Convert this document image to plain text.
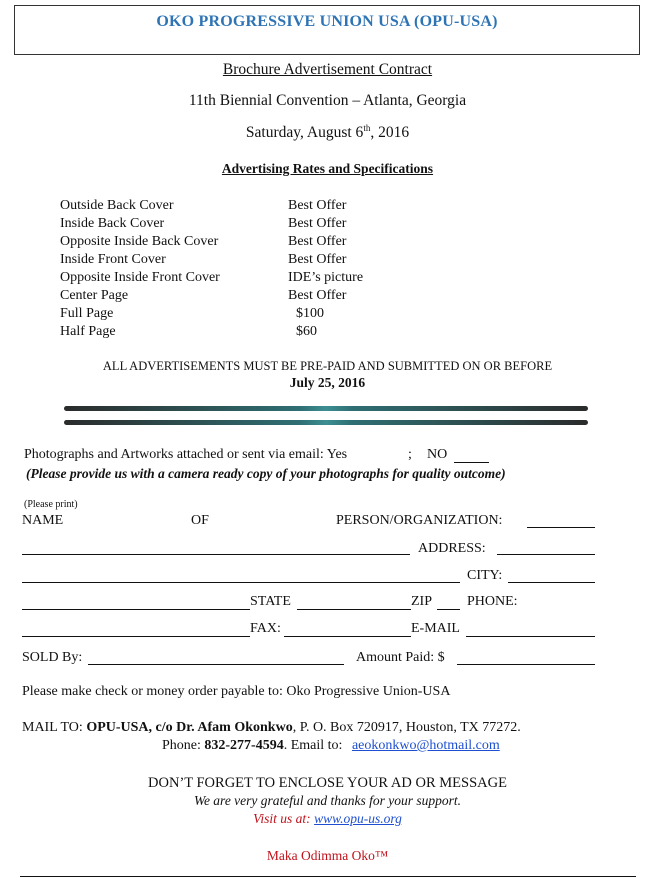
OKO PROGRESSIVE UNION USA (OPU-USA)
Brochure Advertisement Contract
11th Biennial Convention – Atlanta, Georgia
Saturday, August 6th, 2016
Advertising Rates and Specifications
Outside Back Cover	Best Offer
Inside Back Cover	Best Offer
Opposite Inside Back Cover	Best Offer
Inside Front Cover	Best Offer
Opposite Inside Front Cover	IDE’s picture
Center Page	Best Offer
Full Page	$100
Half Page	$60
ALL ADVERTISEMENTS MUST BE PRE-PAID AND SUBMITTED ON OR BEFORE
July 25, 2016
Photographs and Artworks attached or sent via email: Yes	; NO
(Please provide us with a camera ready copy of your photographs for quality outcome)
(Please print)
NAME	OF	PERSON/ORGANIZATION:
ADDRESS:
CITY:
STATE	ZIP	PHONE:
FAX:	E-MAIL
SOLD By:	Amount Paid: $
Please make check or money order payable to: Oko Progressive Union-USA
MAIL TO: OPU-USA, c/o Dr. Afam Okonkwo, P. O. Box 720917, Houston, TX 77272.
Phone: 832-277-4594. Email to: aeokonkwo@hotmail.com
DON’T FORGET TO ENCLOSE YOUR AD OR MESSAGE
We are very grateful and thanks for your support.
Visit us at: www.opu-us.org
Maka Odimma Oko™
